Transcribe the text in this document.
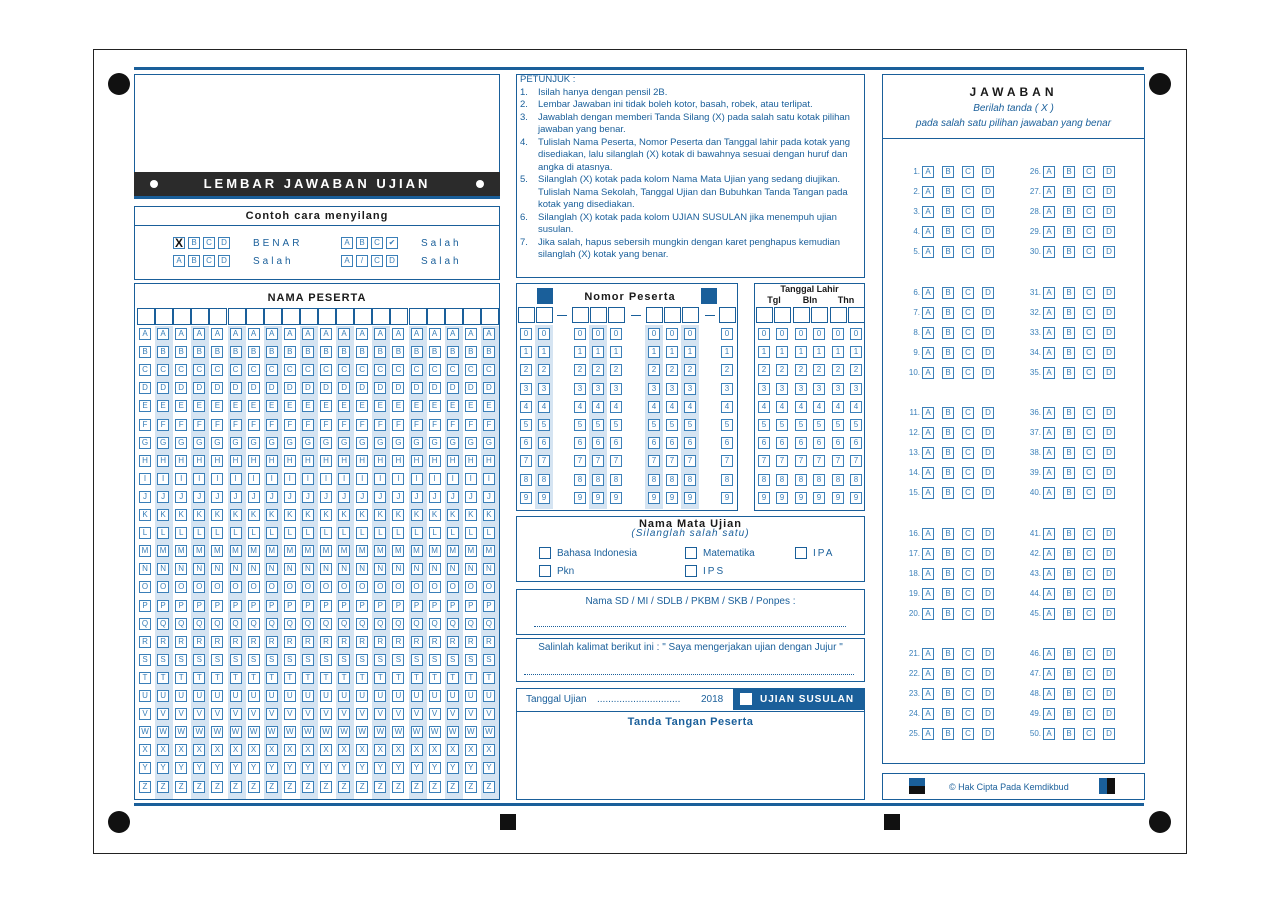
LEMBAR JAWABAN UJIAN
Contoh cara menyilang
NAMA PESERTA
PETUNJUK :
1.	Isilah hanya dengan pensil 2B.
2.	Lembar Jawaban ini tidak boleh kotor, basah, robek, atau terlipat.
3.	Jawablah dengan memberi Tanda Silang (X) pada salah satu kotak pilihan jawaban yang benar.
4.	Tulislah Nama Peserta, Nomor Peserta dan Tanggal lahir pada kotak yang disediakan, lalu silanglah (X) kotak di bawahnya sesuai dengan huruf dan angka di atasnya.
5.	Silanglah (X) kotak pada kolom Nama Mata Ujian yang sedang diujikan.
Tulislah Nama Sekolah, Tanggal Ujian dan Bubuhkan Tanda Tangan pada kotak yang disediakan.
6.	Silanglah (X) kotak pada kolom UJIAN SUSULAN jika menempuh ujian susulan.
7.	Jika salah, hapus sebersih mungkin dengan karet penghapus kemudian silanglah (X) kotak yang benar.
Nomor Peserta
Tanggal Lahir
Nama Mata Ujian
(Silanglah salah satu)
Bahasa Indonesia	Matematika	IPA
Pkn	IPS
Nama SD / MI / SDLB / PKBM / SKB / Ponpes :
Salinlah kalimat berikut ini : " Saya mengerjakan ujian dengan Jujur "
Tanggal Ujian .............................. 2018	UJIAN SUSULAN
Tanda Tangan Peserta
JAWABAN
Berilah tanda ( X )
pada salah satu pilihan jawaban yang benar
© Hak Cipta Pada Kemdikbud
X	B	C	D	BENAR
A	B	C	D	Salah
A	B	C	✔	Salah
A	/	C	D	Salah
A	A	A	A	A	A	A	A	A	A	A	A	A	A	A	A	A	A	A	A
B	B	B	B	B	B	B	B	B	B	B	B	B	B	B	B	B	B	B	B
C	C	C	C	C	C	C	C	C	C	C	C	C	C	C	C	C	C	C	C
D	D	D	D	D	D	D	D	D	D	D	D	D	D	D	D	D	D	D	D
E	E	E	E	E	E	E	E	E	E	E	E	E	E	E	E	E	E	E	E
F	F	F	F	F	F	F	F	F	F	F	F	F	F	F	F	F	F	F	F
G	G	G	G	G	G	G	G	G	G	G	G	G	G	G	G	G	G	G	G
H	H	H	H	H	H	H	H	H	H	H	H	H	H	H	H	H	H	H	H
I	I	I	I	I	I	I	I	I	I	I	I	I	I	I	I	I	I	I	I
J	J	J	J	J	J	J	J	J	J	J	J	J	J	J	J	J	J	J	J
K	K	K	K	K	K	K	K	K	K	K	K	K	K	K	K	K	K	K	K
L	L	L	L	L	L	L	L	L	L	L	L	L	L	L	L	L	L	L	L
M	M	M	M	M	M	M	M	M	M	M	M	M	M	M	M	M	M	M	M
N	N	N	N	N	N	N	N	N	N	N	N	N	N	N	N	N	N	N	N
O	O	O	O	O	O	O	O	O	O	O	O	O	O	O	O	O	O	O	O
P	P	P	P	P	P	P	P	P	P	P	P	P	P	P	P	P	P	P	P
Q	Q	Q	Q	Q	Q	Q	Q	Q	Q	Q	Q	Q	Q	Q	Q	Q	Q	Q	Q
R	R	R	R	R	R	R	R	R	R	R	R	R	R	R	R	R	R	R	R
S	S	S	S	S	S	S	S	S	S	S	S	S	S	S	S	S	S	S	S
T	T	T	T	T	T	T	T	T	T	T	T	T	T	T	T	T	T	T	T
U	U	U	U	U	U	U	U	U	U	U	U	U	U	U	U	U	U	U	U
V	V	V	V	V	V	V	V	V	V	V	V	V	V	V	V	V	V	V	V
W W W W W W W W W W W W W W W W W W W W
X	X	X	X	X	X	X	X	X	X	X	X	X	X	X	X	X	X	X	X
Y	Y	Y	Y	Y	Y	Y	Y	Y	Y	Y	Y	Y	Y	Y	Y	Y	Y	Y	Y
Z	Z	Z	Z	Z	Z	Z	Z	Z	Z	Z	Z	Z	Z	Z	Z	Z	Z	Z	Z
0	0	0	0	0	0	0	0	0
1	1	1	1	1	1	1	1	1
2	2	2	2	2	2	2	2	2
3	3	3	3	3	3	3	3	3
4	4	4	4	4	4	4	4	4
5	5	5	5	5	5	5	5	5
6	6	6	6	6	6	6	6	6
7	7	7	7	7	7	7	7	7
8	8	8	8	8	8	8	8	8
9	9	9	9	9	9	9	9	9
Tgl	Bln	Thn
0	0	0	0	0	0
1	1	1	1	1	1
2	2	2	2	2	2
3	3	3	3	3	3
4	4	4	4	4	4
5	5	5	5	5	5
6	6	6	6	6	6
7	7	7	7	7	7
8	8	8	8	8	8
9	9	9	9	9	9
1. A	B	C	D
2. A	B	C	D
3. A	B	C	D
4. A	B	C	D
5. A	B	C	D
6. A	B	C	D
7. A	B	C	D
8. A	B	C	D
9. A	B	C	D
10. A	B	C	D
11. A	B	C	D
12. A	B	C	D
13. A	B	C	D
14. A	B	C	D
15. A	B	C	D
16. A	B	C	D
17. A	B	C	D
18. A	B	C	D
19. A	B	C	D
20. A	B	C	D
21. A	B	C	D
22. A	B	C	D
23. A	B	C	D
24. A	B	C	D
25. A	B	C	D
26. A	B	C	D
27. A	B	C	D
28. A	B	C	D
29. A	B	C	D
30. A	B	C	D
31. A	B	C	D
32. A	B	C	D
33. A	B	C	D
34. A	B	C	D
35. A	B	C	D
36. A	B	C	D
37. A	B	C	D
38. A	B	C	D
39. A	B	C	D
40. A	B	C	D
41. A	B	C	D
42. A	B	C	D
43. A	B	C	D
44. A	B	C	D
45. A	B	C	D
46. A	B	C	D
47. A	B	C	D
48. A	B	C	D
49. A	B	C	D
50. A	B	C	D
